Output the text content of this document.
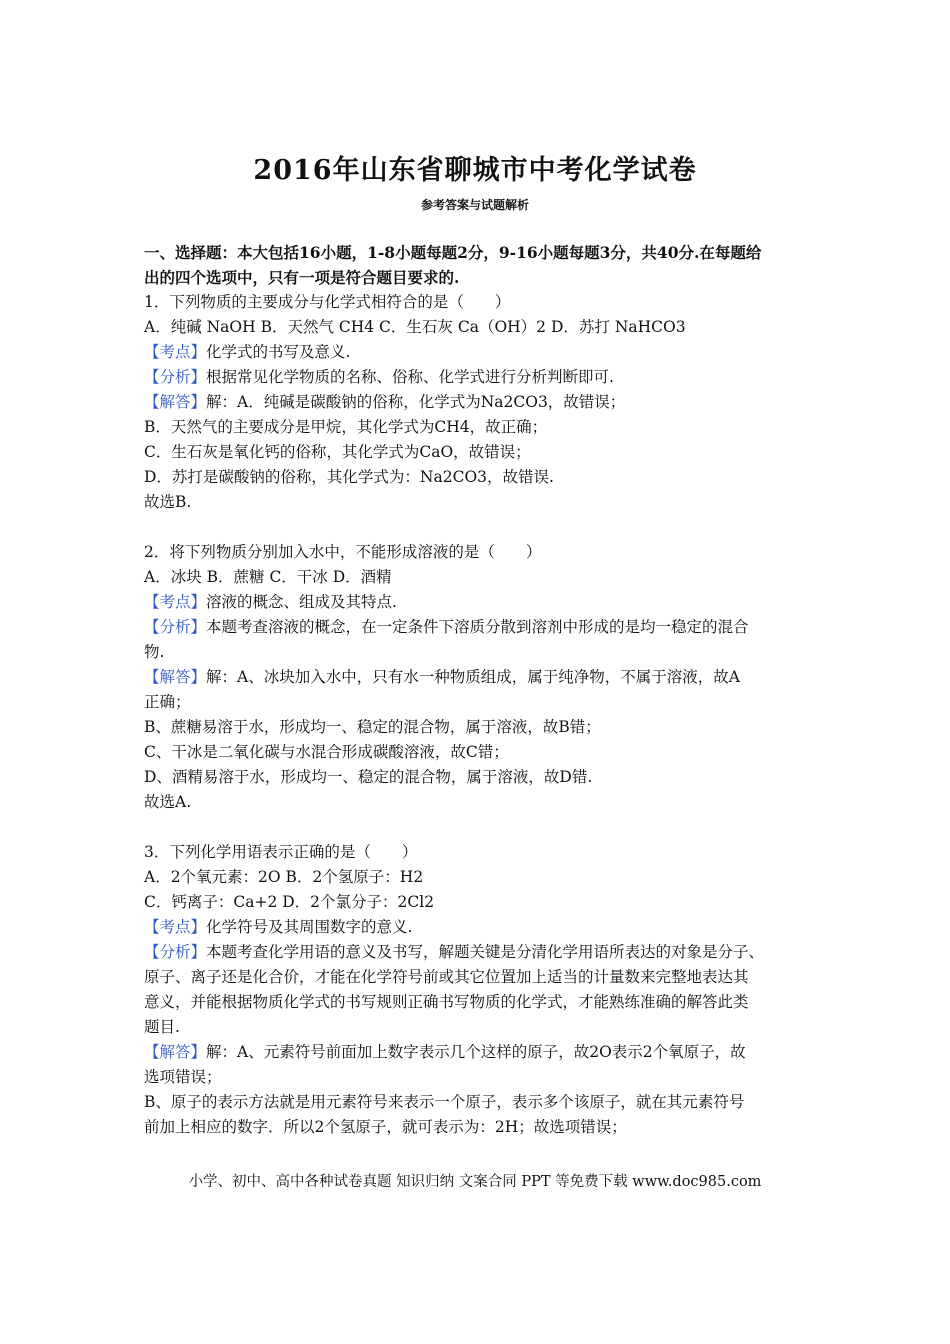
2016年山东省聊城市中考化学试卷
参考答案与试题解析
一、选择题：本大包括16小题，1-8小题每题2分，9-16小题每题3分，共40分.在每题给
出的四个选项中，只有一项是符合题目要求的.
1．下列物质的主要成分与化学式相符合的是（　　）
A．纯碱 NaOH B．天然气 CH4 C．生石灰 Ca（OH）2 D．苏打 NaHCO3
【考点】化学式的书写及意义.
【分析】根据常见化学物质的名称、俗称、化学式进行分析判断即可.
【解答】解：A．纯碱是碳酸钠的俗称，化学式为Na2CO3，故错误；
B．天然气的主要成分是甲烷，其化学式为CH4，故正确；
C．生石灰是氧化钙的俗称，其化学式为CaO，故错误；
D．苏打是碳酸钠的俗称，其化学式为：Na2CO3，故错误.
故选B.
2．将下列物质分别加入水中，不能形成溶液的是（　　）
A．冰块 B．蔗糖 C．干冰 D．酒精
【考点】溶液的概念、组成及其特点.
【分析】本题考查溶液的概念，在一定条件下溶质分散到溶剂中形成的是均一稳定的混合
物.
【解答】解：A、冰块加入水中，只有水一种物质组成，属于纯净物，不属于溶液，故A
正确；
B、蔗糖易溶于水，形成均一、稳定的混合物，属于溶液，故B错；
C、干冰是二氧化碳与水混合形成碳酸溶液，故C错；
D、酒精易溶于水，形成均一、稳定的混合物，属于溶液，故D错.
故选A.
3．下列化学用语表示正确的是（　　）
A．2个氧元素：2O B．2个氢原子：H2
C．钙离子：Ca+2 D．2个氯分子：2Cl2
【考点】化学符号及其周围数字的意义.
【分析】本题考查化学用语的意义及书写，解题关键是分清化学用语所表达的对象是分子、
原子、离子还是化合价，才能在化学符号前或其它位置加上适当的计量数来完整地表达其
意义，并能根据物质化学式的书写规则正确书写物质的化学式，才能熟练准确的解答此类
题目.
【解答】解：A、元素符号前面加上数字表示几个这样的原子，故2O表示2个氧原子，故
选项错误；
B、原子的表示方法就是用元素符号来表示一个原子，表示多个该原子，就在其元素符号
前加上相应的数字．所以2个氢原子，就可表示为：2H；故选项错误；
小学、初中、高中各种试卷真题 知识归纳 文案合同 PPT 等免费下载 www.doc985.com
